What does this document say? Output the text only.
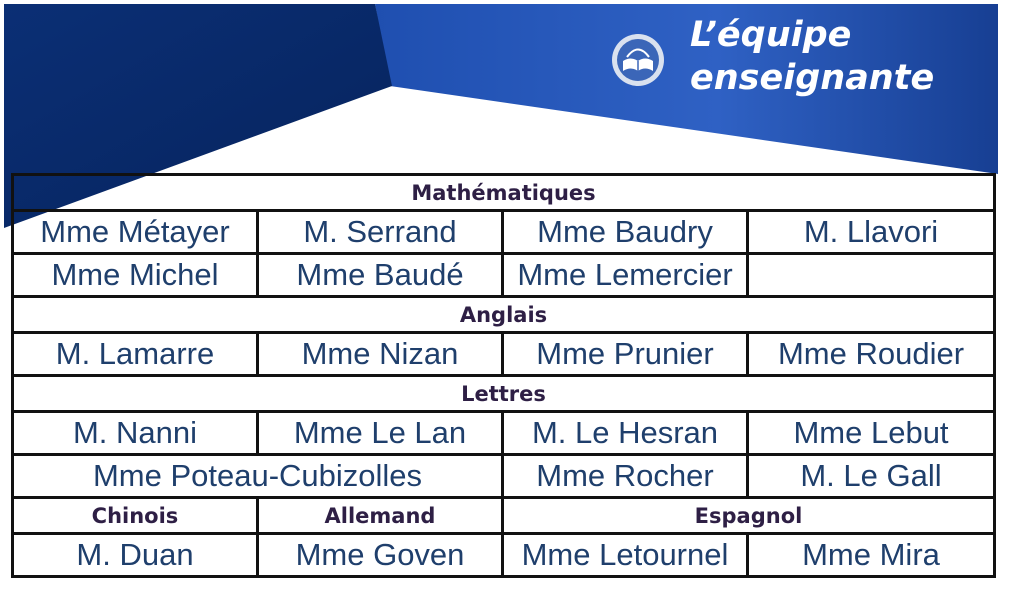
L’équipe
enseignante
Mathématiques			
Mme Métayer	M. Serrand	Mme Baudry	M. Llavori
Mme Michel	Mme Baudé	Mme Lemercier	
Anglais			
M. Lamarre	Mme Nizan	Mme Prunier	Mme Roudier
Lettres			
M. Nanni	Mme Le Lan	M. Le Hesran	Mme Lebut
Mme Poteau-Cubizolles		Mme Rocher	M. Le Gall
Chinois	Allemand	Espagnol	
M. Duan	Mme Goven	Mme Letournel	Mme Mira
